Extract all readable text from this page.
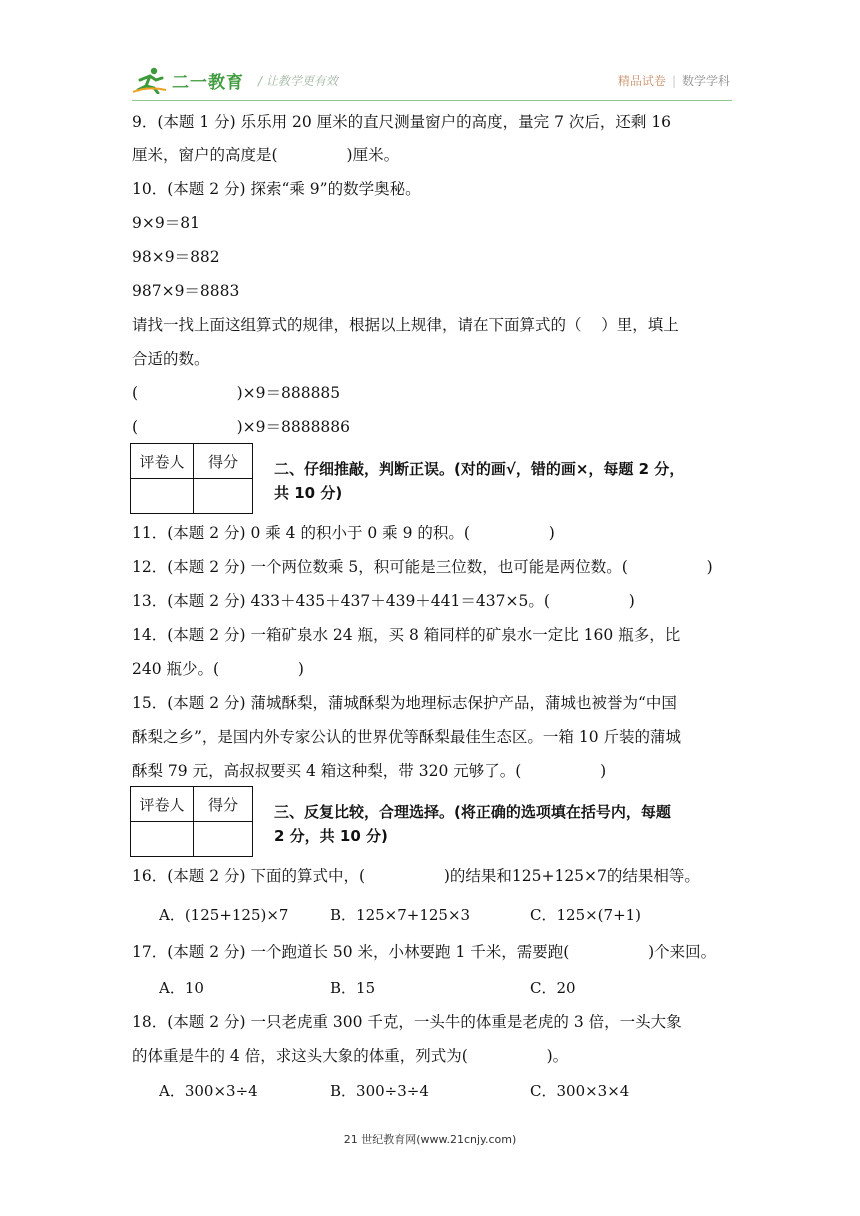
二一教育 / 让教学更有效	精品试卷 | 数学学科
9．(本题 1 分) 乐乐用 20 厘米的直尺测量窗户的高度，量完 7 次后，还剩 16
厘米，窗户的高度是(              )厘米。
10．(本题 2 分) 探索“乘 9”的数学奥秘。
9×9＝81
98×9＝882
987×9＝8883
请找一找上面这组算式的规律，根据以上规律，请在下面算式的（    ）里，填上
合适的数。
(                    )×9＝888885
(                    )×9＝8888886
评卷人	得分
	二、仔细推敲，判断正误。(对的画√，错的画×，每题 2 分，
共 10 分)
11．(本题 2 分) 0 乘 4 的积小于 0 乘 9 的积。(                )
12．(本题 2 分) 一个两位数乘 5，积可能是三位数，也可能是两位数。(                )
13．(本题 2 分) 433＋435＋437＋439＋441＝437×5。(                )
14．(本题 2 分) 一箱矿泉水 24 瓶，买 8 箱同样的矿泉水一定比 160 瓶多，比
240 瓶少。(                )
15．(本题 2 分) 蒲城酥梨，蒲城酥梨为地理标志保护产品，蒲城也被誉为“中国
酥梨之乡”，是国内外专家公认的世界优等酥梨最佳生态区。一箱 10 斤装的蒲城
酥梨 79 元，高叔叔要买 4 箱这种梨，带 320 元够了。(                )
评卷人	得分
	三、反复比较，合理选择。(将正确的选项填在括号内，每题
2 分，共 10 分)
16．(本题 2 分) 下面的算式中，(                )的结果和125+125×7的结果相等。
A．(125+125)×7	B．125×7+125×3	C．125×(7+1)
17．(本题 2 分) 一个跑道长 50 米，小林要跑 1 千米，需要跑(                )个来回。
A．10	B．15	C．20
18．(本题 2 分) 一只老虎重 300 千克，一头牛的体重是老虎的 3 倍，一头大象
的体重是牛的 4 倍，求这头大象的体重，列式为(                )。
A．300×3÷4	B．300÷3÷4	C．300×3×4
21 世纪教育网(www.21cnjy.com)
